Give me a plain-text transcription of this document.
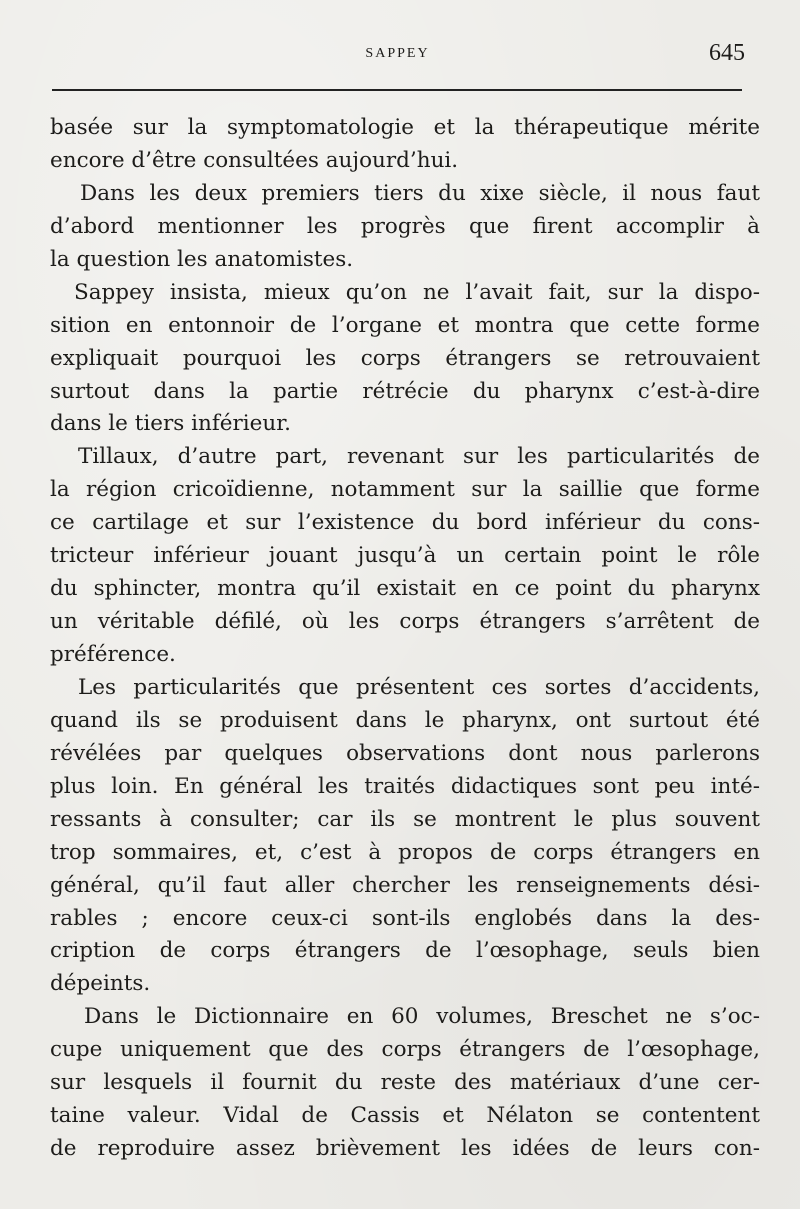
SAPPEY	645
basée sur la symptomatologie et la thérapeutique mérite
encore d’être consultées aujourd’hui.
Dans les deux premiers tiers du xixe siècle, il nous faut
d’abord mentionner les progrès que firent accomplir à
la question les anatomistes.
Sappey insista, mieux qu’on ne l’avait fait, sur la dispo-
sition en entonnoir de l’organe et montra que cette forme
expliquait pourquoi les corps étrangers se retrouvaient
surtout dans la partie rétrécie du pharynx c’est-à-dire
dans le tiers inférieur.
Tillaux, d’autre part, revenant sur les particularités de
la région cricoïdienne, notamment sur la saillie que forme
ce cartilage et sur l’existence du bord inférieur du cons-
tricteur inférieur jouant jusqu’à un certain point le rôle
du sphincter, montra qu’il existait en ce point du pharynx
un véritable défilé, où les corps étrangers s’arrêtent de
préférence.
Les particularités que présentent ces sortes d’accidents,
quand ils se produisent dans le pharynx, ont surtout été
révélées par quelques observations dont nous parlerons
plus loin. En général les traités didactiques sont peu inté-
ressants à consulter; car ils se montrent le plus souvent
trop sommaires, et, c’est à propos de corps étrangers en
général, qu’il faut aller chercher les renseignements dési-
rables ; encore ceux-ci sont-ils englobés dans la des-
cription de corps étrangers de l’œsophage, seuls bien
dépeints.
Dans le Dictionnaire en 60 volumes, Breschet ne s’oc-
cupe uniquement que des corps étrangers de l’œsophage,
sur lesquels il fournit du reste des matériaux d’une cer-
taine valeur. Vidal de Cassis et Nélaton se contentent
de reproduire assez brièvement les idées de leurs con-
